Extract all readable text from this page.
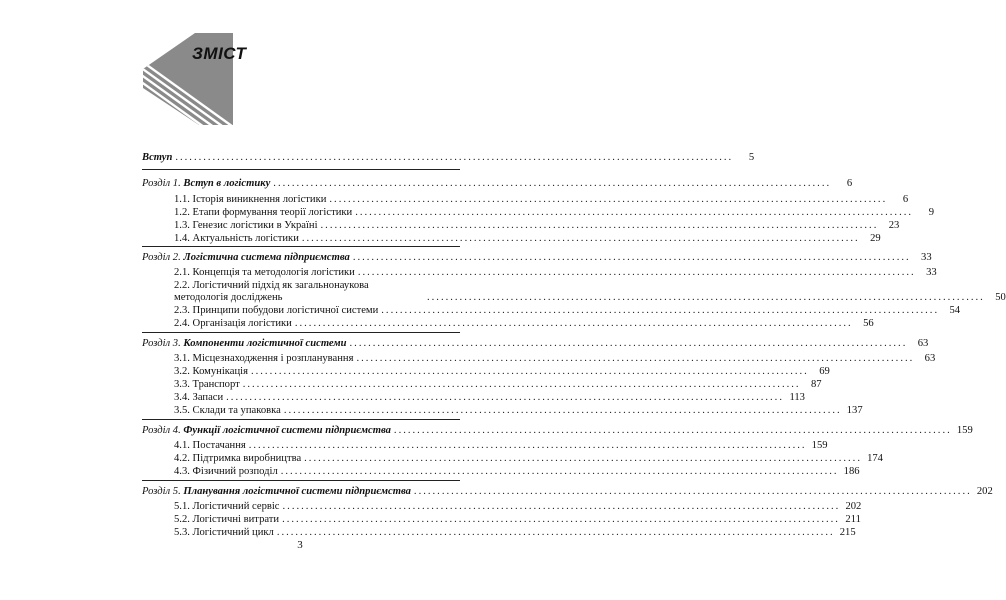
ЗМІСТ
Вступ ........................................................................................................................	5
Розділ 1. Вступ в логістику ........................................................................................................................	6
1.1. Історія виникнення логістики ........................................................................................................................	6
1.2. Етапи формування теорії логістики ........................................................................................................................	9
1.3. Генезис логістики в Україні ........................................................................................................................ 23
1.4. Актуальність логістики ........................................................................................................................ 29
Розділ 2. Логістична система підприємства ........................................................................................................................ 33
2.1. Концепція та методологія логістики ........................................................................................................................ 33
2.2. Логістичний підхід як загальнонаукова методологія досліджень	........................................................................................................................ 50
2.3. Принципи побудови логістичної системи ........................................................................................................................ 54
2.4. Організація логістики ........................................................................................................................ 56
Розділ 3. Компоненти логістичної системи ........................................................................................................................ 63
3.1. Місцезнаходження і розпланування ........................................................................................................................ 63
3.2. Комунікація ........................................................................................................................ 69
3.3. Транспорт ........................................................................................................................ 87
3.4. Запаси ........................................................................................................................ 113
3.5. Склади та упаковка ........................................................................................................................ 137
Розділ 4. Функції логістичної системи підприємства ........................................................................................................................ 159
4.1. Постачання ........................................................................................................................ 159
4.2. Підтримка виробництва ........................................................................................................................ 174
4.3. Фізичний розподіл ........................................................................................................................ 186
Розділ 5. Планування логістичної системи підприємства ........................................................................................................................ 202
5.1. Логістичний сервіс ........................................................................................................................ 202
5.2. Логістичні витрати ........................................................................................................................ 211
5.3. Логістичний цикл ........................................................................................................................ 215
3
